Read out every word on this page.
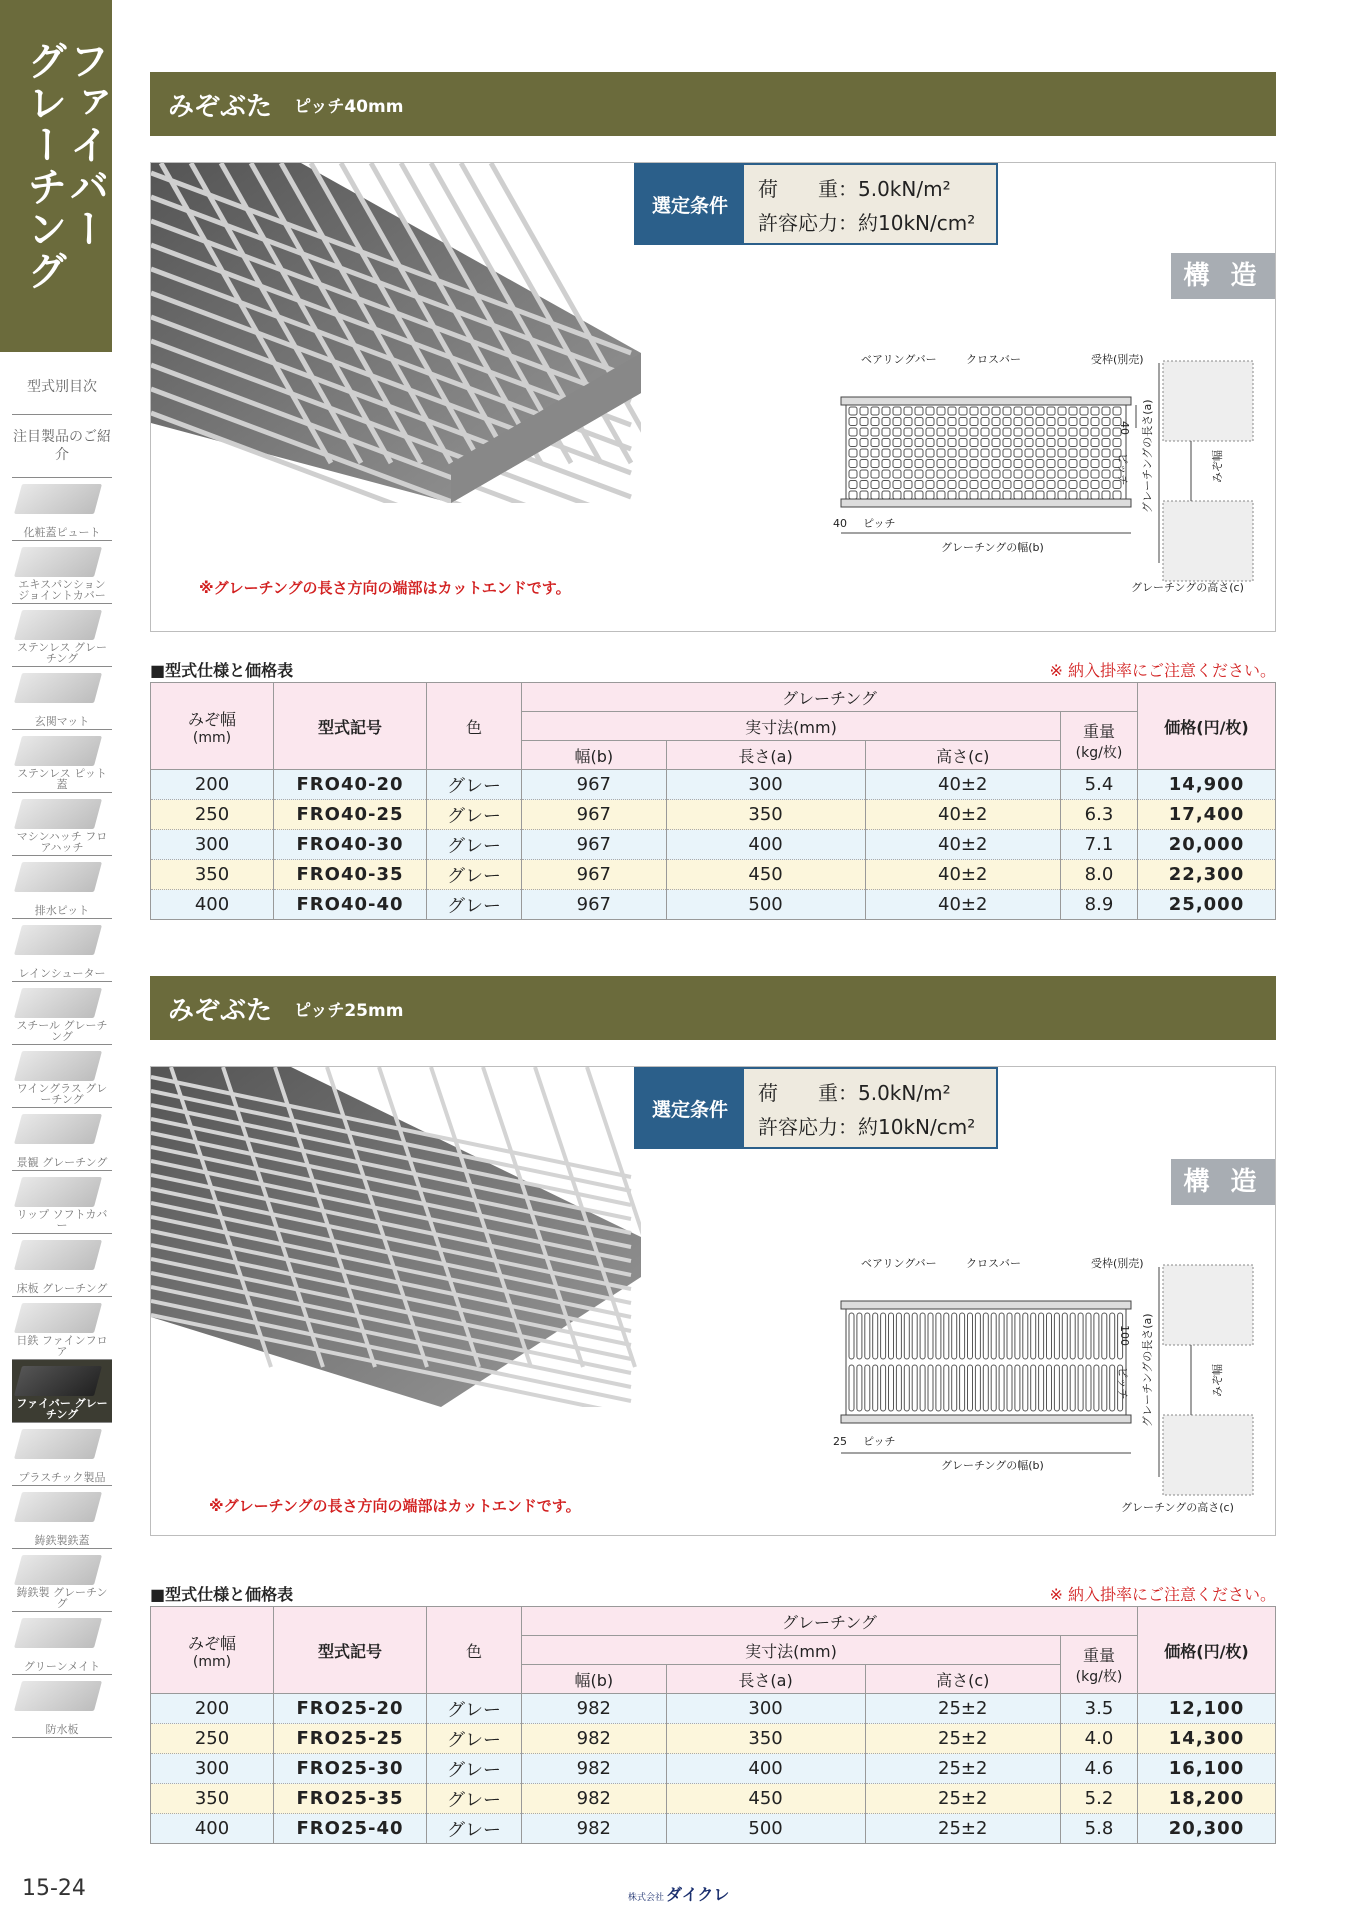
ファイバー
グレーチング
型式別目次
注目製品のご紹介
化粧蓋ピュート
エキスパンション ジョイントカバー
ステンレス グレーチング
玄関マット
ステンレス ピット蓋
マシンハッチ フロアハッチ
排水ピット
レインシューター
スチール グレーチング
ワイングラス グレーチング
景観 グレーチング
リップ ソフトカバー
床板 グレーチング
日鉄 ファインフロア
ファイバー グレーチング
プラスチック製品
鋳鉄製鉄蓋
鋳鉄製 グレーチング
グリーンメイト
防水板
15-24
みぞぶた ピッチ40mm
選定条件
荷　　重：5.0kN/m²
許容応力：約10kN/cm²
構 造
ベアリングバー	クロスバー	受枠(別売)
40
ピッチ グレーチングの長さ(a)	みぞ幅
40 ピッチ
グレーチングの幅(b)
グレーチングの高さ(c)
※グレーチングの長さ方向の端部はカットエンドです。
■型式仕様と価格表	※ 納入掛率にご注意ください。
みぞ幅
(mm)	型式記号	色	グレーチング				価格(円/枚)
			実寸法(mm)			重量
(kg/枚)	

			幅(b)	長さ(a)	高さ(c)		
200	FRO40-20	グレー	967	300	40±2	5.4	14,900
250	FRO40-25	グレー	967	350	40±2	6.3	17,400
300	FRO40-30	グレー	967	400	40±2	7.1	20,000
350	FRO40-35	グレー	967	450	40±2	8.0	22,300
400	FRO40-40	グレー	967	500	40±2	8.9	25,000
みぞぶた ピッチ25mm
選定条件
荷　　重：5.0kN/m²
許容応力：約10kN/cm²
構 造
ベアリングバー	クロスバー	受枠(別売)
100
ピッチ グレーチングの長さ(a)	みぞ幅
25 ピッチ
グレーチングの幅(b)
グレーチングの高さ(c)
※グレーチングの長さ方向の端部はカットエンドです。
■型式仕様と価格表	※ 納入掛率にご注意ください。
みぞ幅
(mm)	型式記号	色	グレーチング				価格(円/枚)
			実寸法(mm)			重量
(kg/枚)	

			幅(b)	長さ(a)	高さ(c)		
200	FRO25-20	グレー	982	300	25±2	3.5	12,100
250	FRO25-25	グレー	982	350	25±2	4.0	14,300
300	FRO25-30	グレー	982	400	25±2	4.6	16,100
350	FRO25-35	グレー	982	450	25±2	5.2	18,200
400	FRO25-40	グレー	982	500	25±2	5.8	20,300
株式会社 ダイクレ
